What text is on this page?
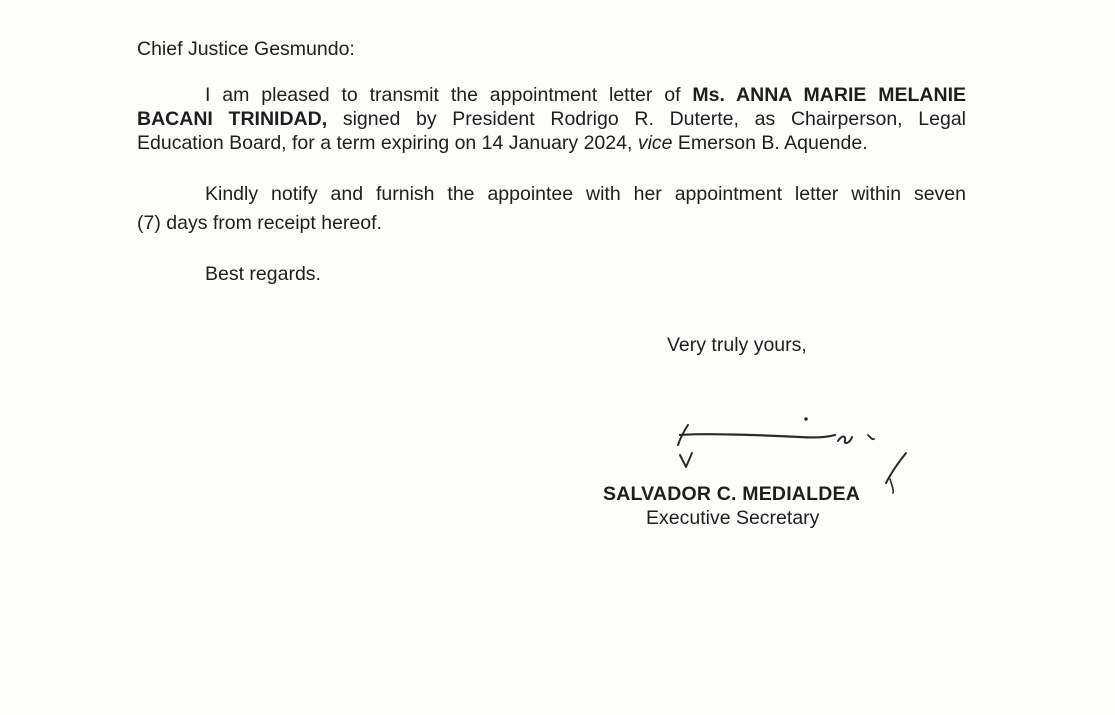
Chief Justice Gesmundo:

I am pleased to transmit the appointment letter of Ms. ANNA MARIE MELANIE
BACANI TRINIDAD, signed by President Rodrigo R. Duterte, as Chairperson, Legal

Education Board, for a term expiring on 14 January 2024, vice Emerson B. Aquende.

Kindly notify and furnish the appointee with her appointment letter within seven

(7) days from receipt hereof.

Best regards.

Very truly yours,

SALVADOR C. MEDIALDEA

Executive Secretary
